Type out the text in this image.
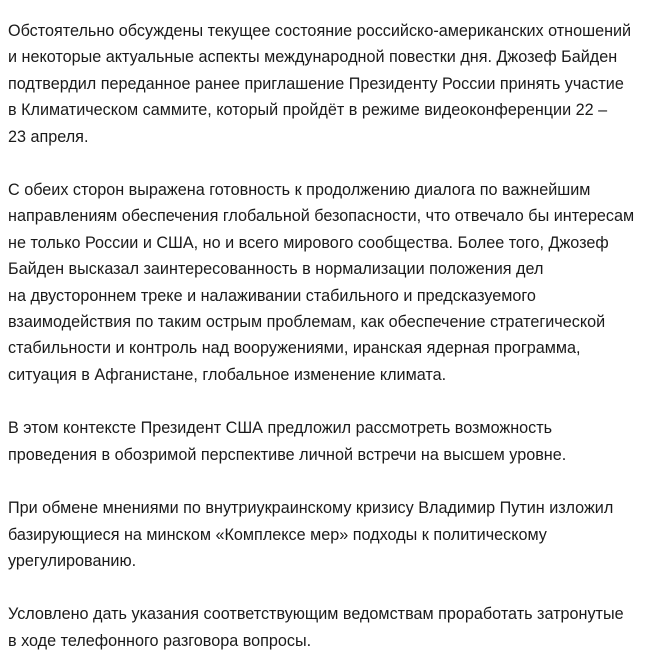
Обстоятельно обсуждены текущее состояние российско-американских отношений
и некоторые актуальные аспекты международной повестки дня. Джозеф Байден
подтвердил переданное ранее приглашение Президенту России принять участие
в Климатическом саммите, который пройдёт в режиме видеоконференции 22 –
23 апреля.

С обеих сторон выражена готовность к продолжению диалога по важнейшим
направлениям обеспечения глобальной безопасности, что отвечало бы интересам
не только России и США, но и всего мирового сообщества. Более того, Джозеф
Байден высказал заинтересованность в нормализации положения дел
на двустороннем треке и налаживании стабильного и предсказуемого
взаимодействия по таким острым проблемам, как обеспечение стратегической
стабильности и контроль над вооружениями, иранская ядерная программа,
ситуация в Афганистане, глобальное изменение климата.

В этом контексте Президент США предложил рассмотреть возможность
проведения в обозримой перспективе личной встречи на высшем уровне.

При обмене мнениями по внутриукраинскому кризису Владимир Путин изложил
базирующиеся на минском «Комплексе мер» подходы к политическому
урегулированию.

Условлено дать указания соответствующим ведомствам проработать затронутые
в ходе телефонного разговора вопросы.
